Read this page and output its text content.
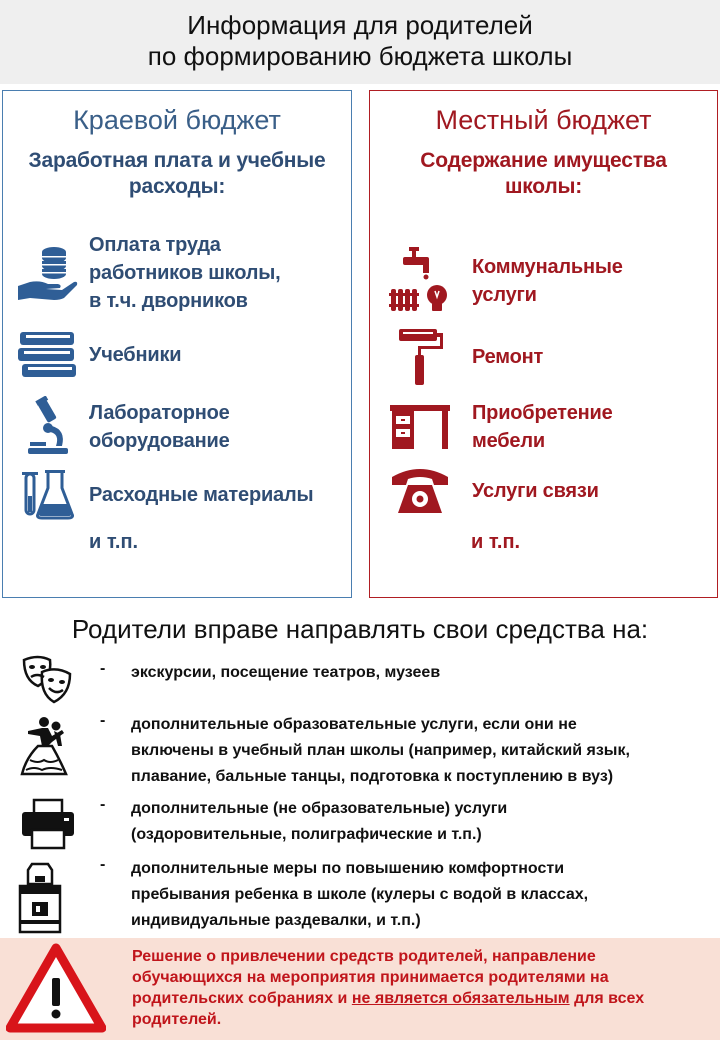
Информация для родителей
по формированию бюджета школы
Краевой бюджет
Заработная плата и учебные
расходы:
Оплата труда
работников школы,
в т.ч. дворников
Учебники
Лабораторное
оборудование
Расходные материалы
и т.п.
Местный бюджет
Содержание имущества
школы:
Коммунальные
услуги
Ремонт
Приобретение
мебели
Услуги связи
и т.п.
Родители вправе направлять свои средства на:
- экскурсии, посещение театров, музеев
- дополнительные образовательные услуги, если они не
включены в учебный план школы (например, китайский язык,
плавание, бальные танцы, подготовка к поступлению в вуз)
- дополнительные (не образовательные) услуги
(оздоровительные, полиграфические и т.п.)
- дополнительные меры по повышению комфортности
пребывания ребенка в школе (кулеры с водой в классах,
индивидуальные раздевалки, и т.п.)
Решение о привлечении средств родителей, направление
обучающихся на мероприятия принимается родителями на
родительских собраниях и не является обязательным для всех
родителей.
